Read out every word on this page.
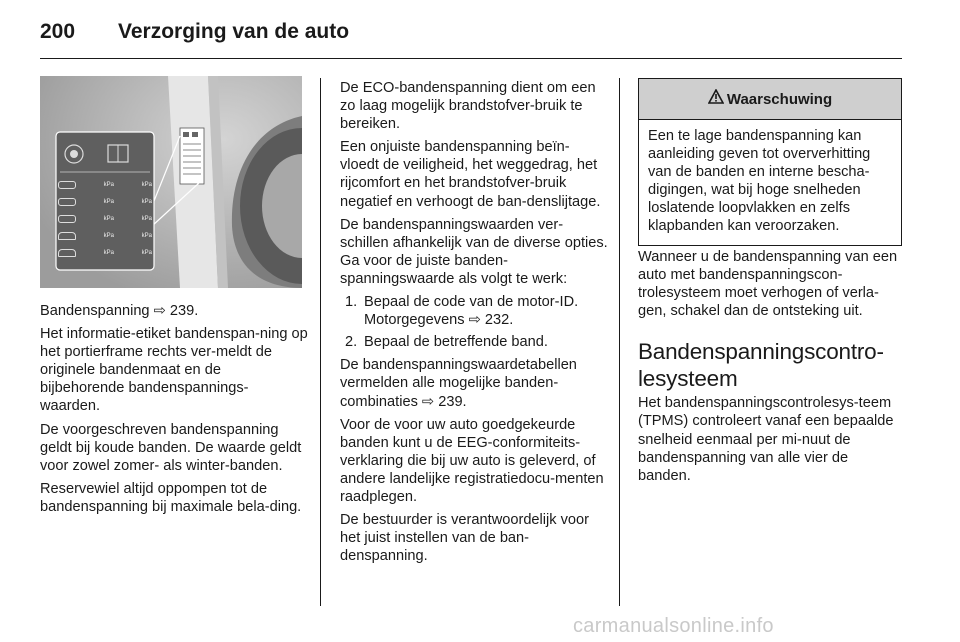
200 Verzorging van de auto
kPa	kPa
kPa	kPa
kPa	kPa
kPa	kPa
kPa	kPa

Bandenspanning ⇨ 239.

Het informatie-etiket bandenspan-ning op het portierframe rechts ver-meldt de originele bandenmaat en de bijbehorende bandenspannings-waarden.

De voorgeschreven bandenspanning geldt bij koude banden. De waarde geldt voor zowel zomer- als winter-banden.

Reservewiel altijd oppompen tot de bandenspanning bij maximale bela-ding.

De ECO-bandenspanning dient om een zo laag mogelijk brandstofver-bruik te bereiken.

Een onjuiste bandenspanning beïn-vloedt de veiligheid, het weggedrag, het rijcomfort en het brandstofver-bruik negatief en verhoogt de ban-denslijtage.

De bandenspanningswaarden ver-schillen afhankelijk van de diverse opties. Ga voor de juiste banden-spanningswaarde als volgt te werk:

1. Bepaal de code van de motor-ID. Motorgegevens ⇨ 232.
2. Bepaal de betreffende band.

De bandenspanningswaardetabellen vermelden alle mogelijke banden-combinaties ⇨ 239.

Voor de voor uw auto goedgekeurde banden kunt u de EEG-conformiteits-verklaring die bij uw auto is geleverd, of andere landelijke registratiedocu-menten raadplegen.

De bestuurder is verantwoordelijk voor het juist instellen van de ban-denspanning.

Waarschuwing
Een te lage bandenspanning kan aanleiding geven tot oververhitting van de banden en interne bescha-digingen, wat bij hoge snelheden loslatende loopvlakken en zelfs klapbanden kan veroorzaken.

Wanneer u de bandenspanning van een auto met bandenspanningscon-trolesysteem moet verhogen of verla-gen, schakel dan de ontsteking uit.

Bandenspanningscontro-lesysteem

Het bandenspanningscontrolesys-teem (TPMS) controleert vanaf een bepaalde snelheid eenmaal per mi-nuut de bandenspanning van alle vier de banden.

carmanualsonline.info
